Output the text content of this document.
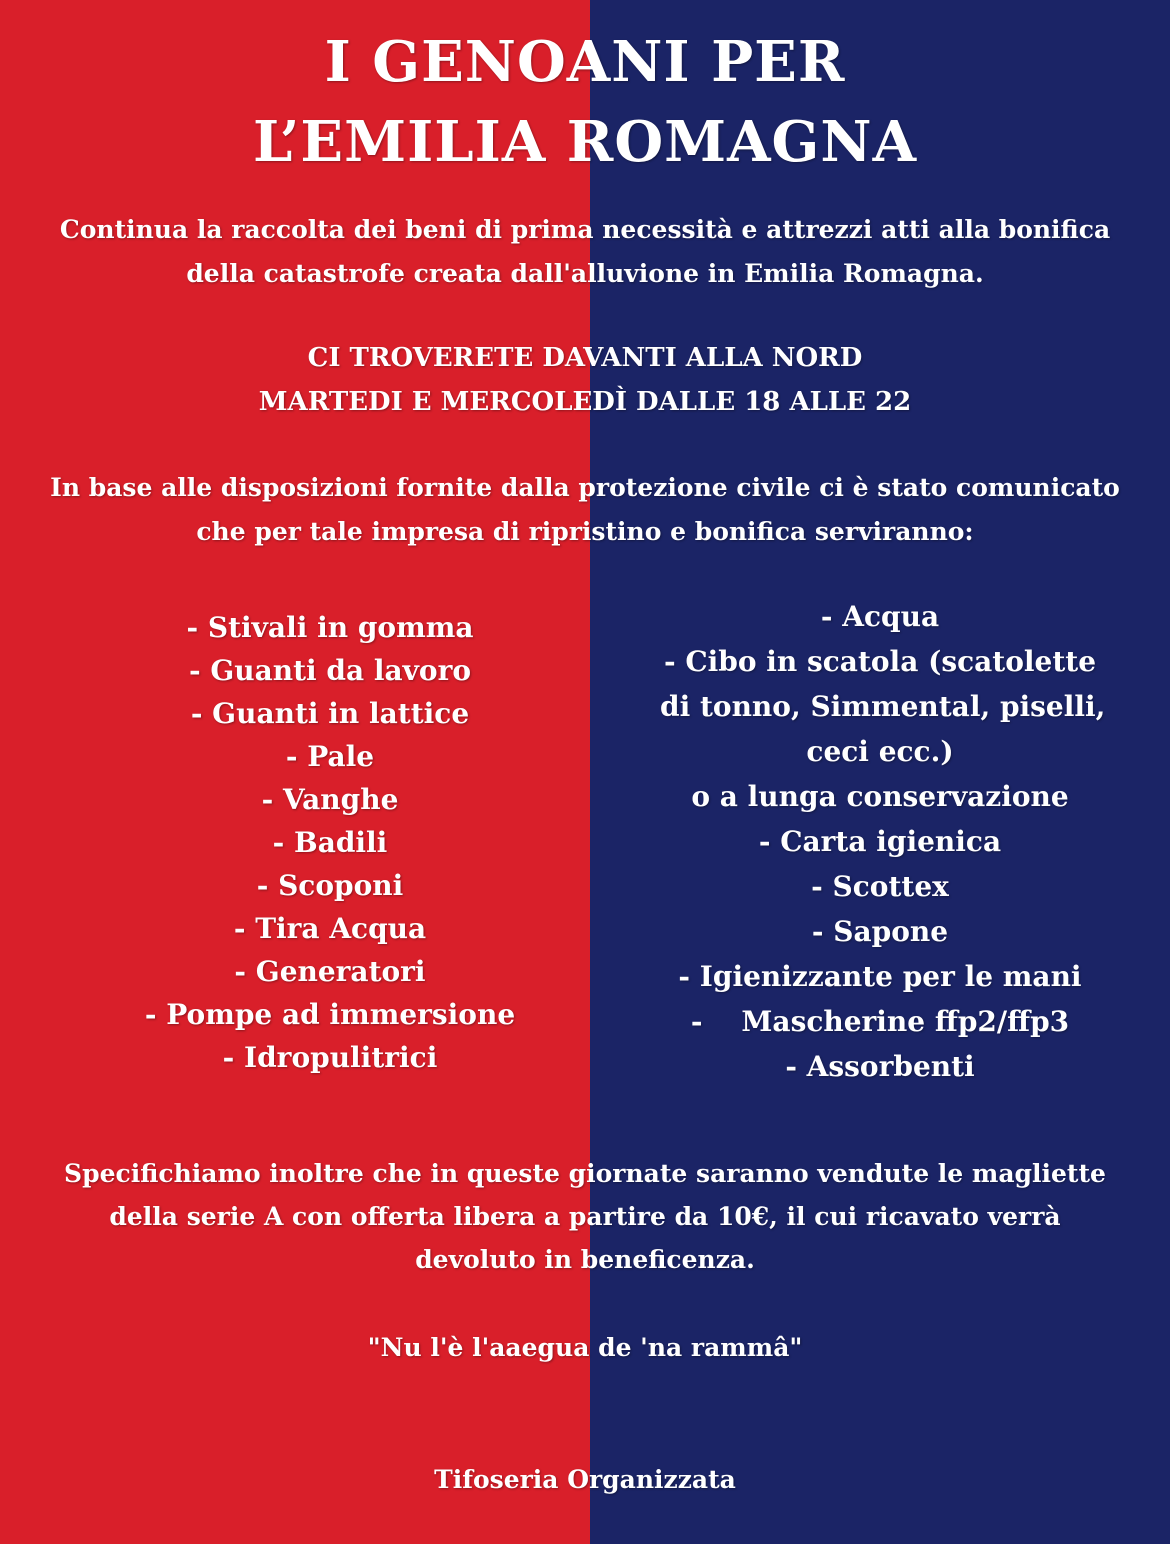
I GENOANI PER
L’EMILIA ROMAGNA
Continua la raccolta dei beni di prima necessità e attrezzi atti alla bonifica
della catastrofe creata dall'alluvione in Emilia Romagna.
CI TROVERETE DAVANTI ALLA NORD
MARTEDI E MERCOLEDÌ DALLE 18 ALLE 22
In base alle disposizioni fornite dalla protezione civile ci è stato comunicato
che per tale impresa di ripristino e bonifica serviranno:
- Stivali in gomma
- Guanti da lavoro
- Guanti in lattice
- Pale
- Vanghe
- Badili
- Scoponi
- Tira Acqua
- Generatori
- Pompe ad immersione
- Idropulitrici
- Acqua
- Cibo in scatola (scatolette
di tonno, Simmental, piselli,
ceci ecc.)
o a lunga conservazione
- Carta igienica
- Scottex
- Sapone
- Igienizzante per le mani
-    Mascherine ffp2/ffp3
- Assorbenti
Specifichiamo inoltre che in queste giornate saranno vendute le magliette
della serie A con offerta libera a partire da 10€, il cui ricavato verrà
devoluto in beneficenza.
"Nu l'è l'aaegua de 'na rammâ"
Tifoseria Organizzata
